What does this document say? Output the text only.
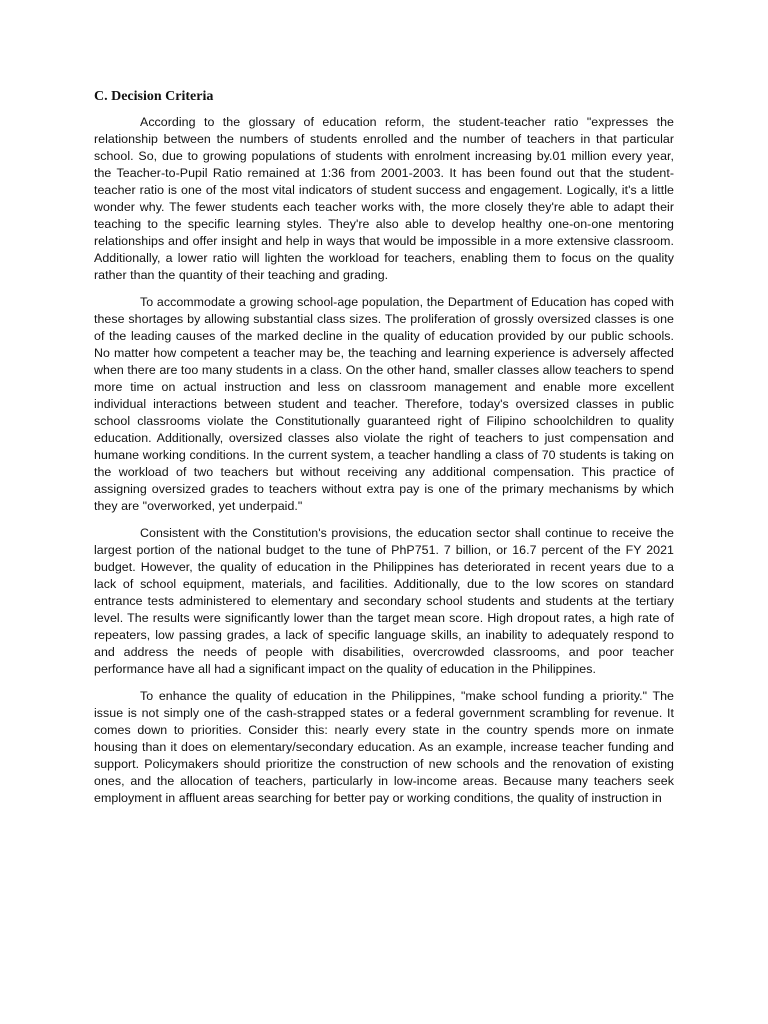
C. Decision Criteria

According to the glossary of education reform, the student-teacher ratio "expresses the relationship between the numbers of students enrolled and the number of teachers in that particular school. So, due to growing populations of students with enrolment increasing by.01 million every year, the Teacher-to-Pupil Ratio remained at 1:36 from 2001-2003. It has been found out that the student-teacher ratio is one of the most vital indicators of student success and engagement. Logically, it's a little wonder why. The fewer students each teacher works with, the more closely they're able to adapt their teaching to the specific learning styles. They're also able to develop healthy one-on-one mentoring relationships and offer insight and help in ways that would be impossible in a more extensive classroom. Additionally, a lower ratio will lighten the workload for teachers, enabling them to focus on the quality rather than the quantity of their teaching and grading.

To accommodate a growing school-age population, the Department of Education has coped with these shortages by allowing substantial class sizes. The proliferation of grossly oversized classes is one of the leading causes of the marked decline in the quality of education provided by our public schools. No matter how competent a teacher may be, the teaching and learning experience is adversely affected when there are too many students in a class. On the other hand, smaller classes allow teachers to spend more time on actual instruction and less on classroom management and enable more excellent individual interactions between student and teacher. Therefore, today's oversized classes in public school classrooms violate the Constitutionally guaranteed right of Filipino schoolchildren to quality education. Additionally, oversized classes also violate the right of teachers to just compensation and humane working conditions. In the current system, a teacher handling a class of 70 students is taking on the workload of two teachers but without receiving any additional compensation. This practice of assigning oversized grades to teachers without extra pay is one of the primary mechanisms by which they are "overworked, yet underpaid."

Consistent with the Constitution's provisions, the education sector shall continue to receive the largest portion of the national budget to the tune of PhP751. 7 billion, or 16.7 percent of the FY 2021 budget. However, the quality of education in the Philippines has deteriorated in recent years due to a lack of school equipment, materials, and facilities. Additionally, due to the low scores on standard entrance tests administered to elementary and secondary school students and students at the tertiary level. The results were significantly lower than the target mean score. High dropout rates, a high rate of repeaters, low passing grades, a lack of specific language skills, an inability to adequately respond to and address the needs of people with disabilities, overcrowded classrooms, and poor teacher performance have all had a significant impact on the quality of education in the Philippines.

To enhance the quality of education in the Philippines, "make school funding a priority." The issue is not simply one of the cash-strapped states or a federal government scrambling for revenue. It comes down to priorities. Consider this: nearly every state in the country spends more on inmate housing than it does on elementary/secondary education. As an example, increase teacher funding and support. Policymakers should prioritize the construction of new schools and the renovation of existing ones, and the allocation of teachers, particularly in low-income areas. Because many teachers seek employment in affluent areas searching for better pay or working conditions, the quality of instruction in
